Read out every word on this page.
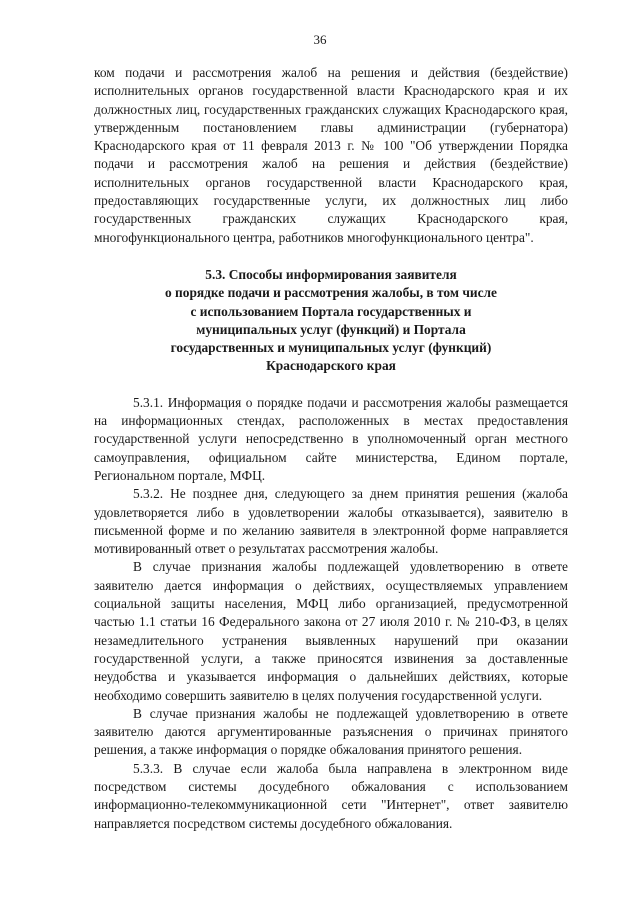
36

ком подачи и рассмотрения жалоб на решения и действия (бездействие) исполнительных органов государственной власти Краснодарского края и их должностных лиц, государственных гражданских служащих Краснодарского края, утвержденным постановлением главы администрации (губернатора) Краснодарского края от 11 февраля 2013 г. № 100 "Об утверждении Порядка подачи и рассмотрения жалоб на решения и действия (бездействие) исполнительных органов государственной власти Краснодарского края, предоставляющих государственные услуги, их должностных лиц либо государственных гражданских служащих Краснодарского края, многофункционального центра, работников многофункционального центра".

5.3. Способы информирования заявителя
о порядке подачи и рассмотрения жалобы, в том числе
с использованием Портала государственных и
муниципальных услуг (функций) и Портала
государственных и муниципальных услуг (функций)
Краснодарского края

5.3.1. Информация о порядке подачи и рассмотрения жалобы размещается на информационных стендах, расположенных в местах предоставления государственной услуги непосредственно в уполномоченный орган местного самоуправления, официальном сайте министерства, Едином портале, Региональном портале, МФЦ.

5.3.2. Не позднее дня, следующего за днем принятия решения (жалоба удовлетворяется либо в удовлетворении жалобы отказывается), заявителю в письменной форме и по желанию заявителя в электронной форме направляется мотивированный ответ о результатах рассмотрения жалобы.

В случае признания жалобы подлежащей удовлетворению в ответе заявителю дается информация о действиях, осуществляемых управлением социальной защиты населения, МФЦ либо организацией, предусмотренной частью 1.1 статьи 16 Федерального закона от 27 июля 2010 г. № 210-ФЗ, в целях незамедлительного устранения выявленных нарушений при оказании государственной услуги, а также приносятся извинения за доставленные неудобства и указывается информация о дальнейших действиях, которые необходимо совершить заявителю в целях получения государственной услуги.

В случае признания жалобы не подлежащей удовлетворению в ответе заявителю даются аргументированные разъяснения о причинах принятого решения, а также информация о порядке обжалования принятого решения.

5.3.3. В случае если жалоба была направлена в электронном виде посредством системы досудебного обжалования с использованием информационно-телекоммуникационной сети "Интернет", ответ заявителю направляется посредством системы досудебного обжалования.
